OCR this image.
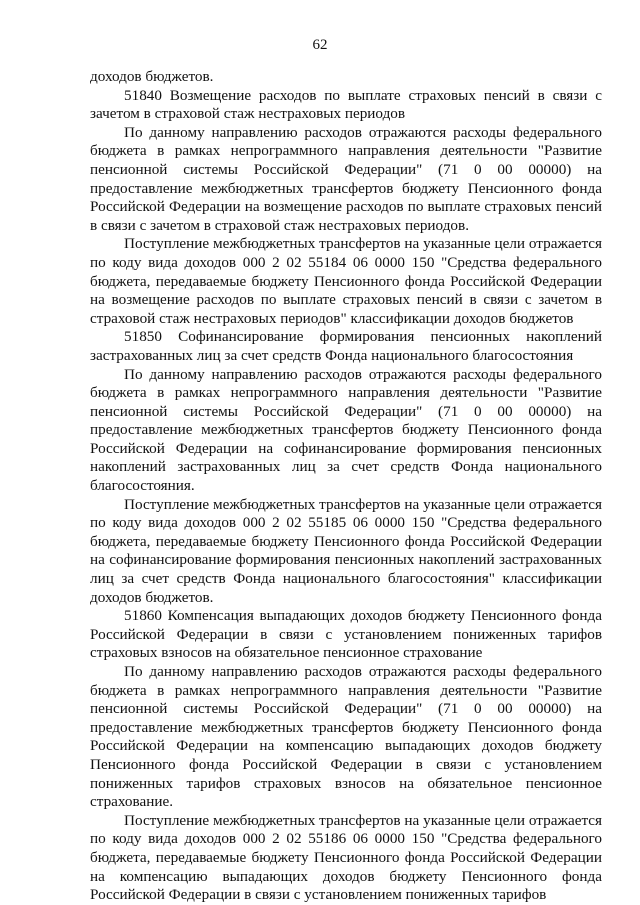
62

доходов бюджетов.

51840 Возмещение расходов по выплате страховых пенсий в связи с зачетом в страховой стаж нестраховых периодов

По данному направлению расходов отражаются расходы федерального бюджета в рамках непрограммного направления деятельности "Развитие пенсионной системы Российской Федерации" (71 0 00 00000) на предоставление межбюджетных трансфертов бюджету Пенсионного фонда Российской Федерации на возмещение расходов по выплате страховых пенсий в связи с зачетом в страховой стаж нестраховых периодов.

Поступление межбюджетных трансфертов на указанные цели отражается по коду вида доходов 000 2 02 55184 06 0000 150 "Средства федерального бюджета, передаваемые бюджету Пенсионного фонда Российской Федерации на возмещение расходов по выплате страховых пенсий в связи с зачетом в страховой стаж нестраховых периодов" классификации доходов бюджетов

51850 Софинансирование формирования пенсионных накоплений застрахованных лиц за счет средств Фонда национального благосостояния

По данному направлению расходов отражаются расходы федерального бюджета в рамках непрограммного направления деятельности "Развитие пенсионной системы Российской Федерации" (71 0 00 00000) на предоставление межбюджетных трансфертов бюджету Пенсионного фонда Российской Федерации на софинансирование формирования пенсионных накоплений застрахованных лиц за счет средств Фонда национального благосостояния.

Поступление межбюджетных трансфертов на указанные цели отражается по коду вида доходов 000 2 02 55185 06 0000 150 "Средства федерального бюджета, передаваемые бюджету Пенсионного фонда Российской Федерации на софинансирование формирования пенсионных накоплений застрахованных лиц за счет средств Фонда национального благосостояния" классификации доходов бюджетов.

51860 Компенсация выпадающих доходов бюджету Пенсионного фонда Российской Федерации в связи с установлением пониженных тарифов страховых взносов на обязательное пенсионное страхование

По данному направлению расходов отражаются расходы федерального бюджета в рамках непрограммного направления деятельности "Развитие пенсионной системы Российской Федерации" (71 0 00 00000) на предоставление межбюджетных трансфертов бюджету Пенсионного фонда Российской Федерации на компенсацию выпадающих доходов бюджету Пенсионного фонда Российской Федерации в связи с установлением пониженных тарифов страховых взносов на обязательное пенсионное страхование.

Поступление межбюджетных трансфертов на указанные цели отражается по коду вида доходов 000 2 02 55186 06 0000 150 "Средства федерального бюджета, передаваемые бюджету Пенсионного фонда Российской Федерации на компенсацию выпадающих доходов бюджету Пенсионного фонда Российской Федерации в связи с установлением пониженных тарифов
